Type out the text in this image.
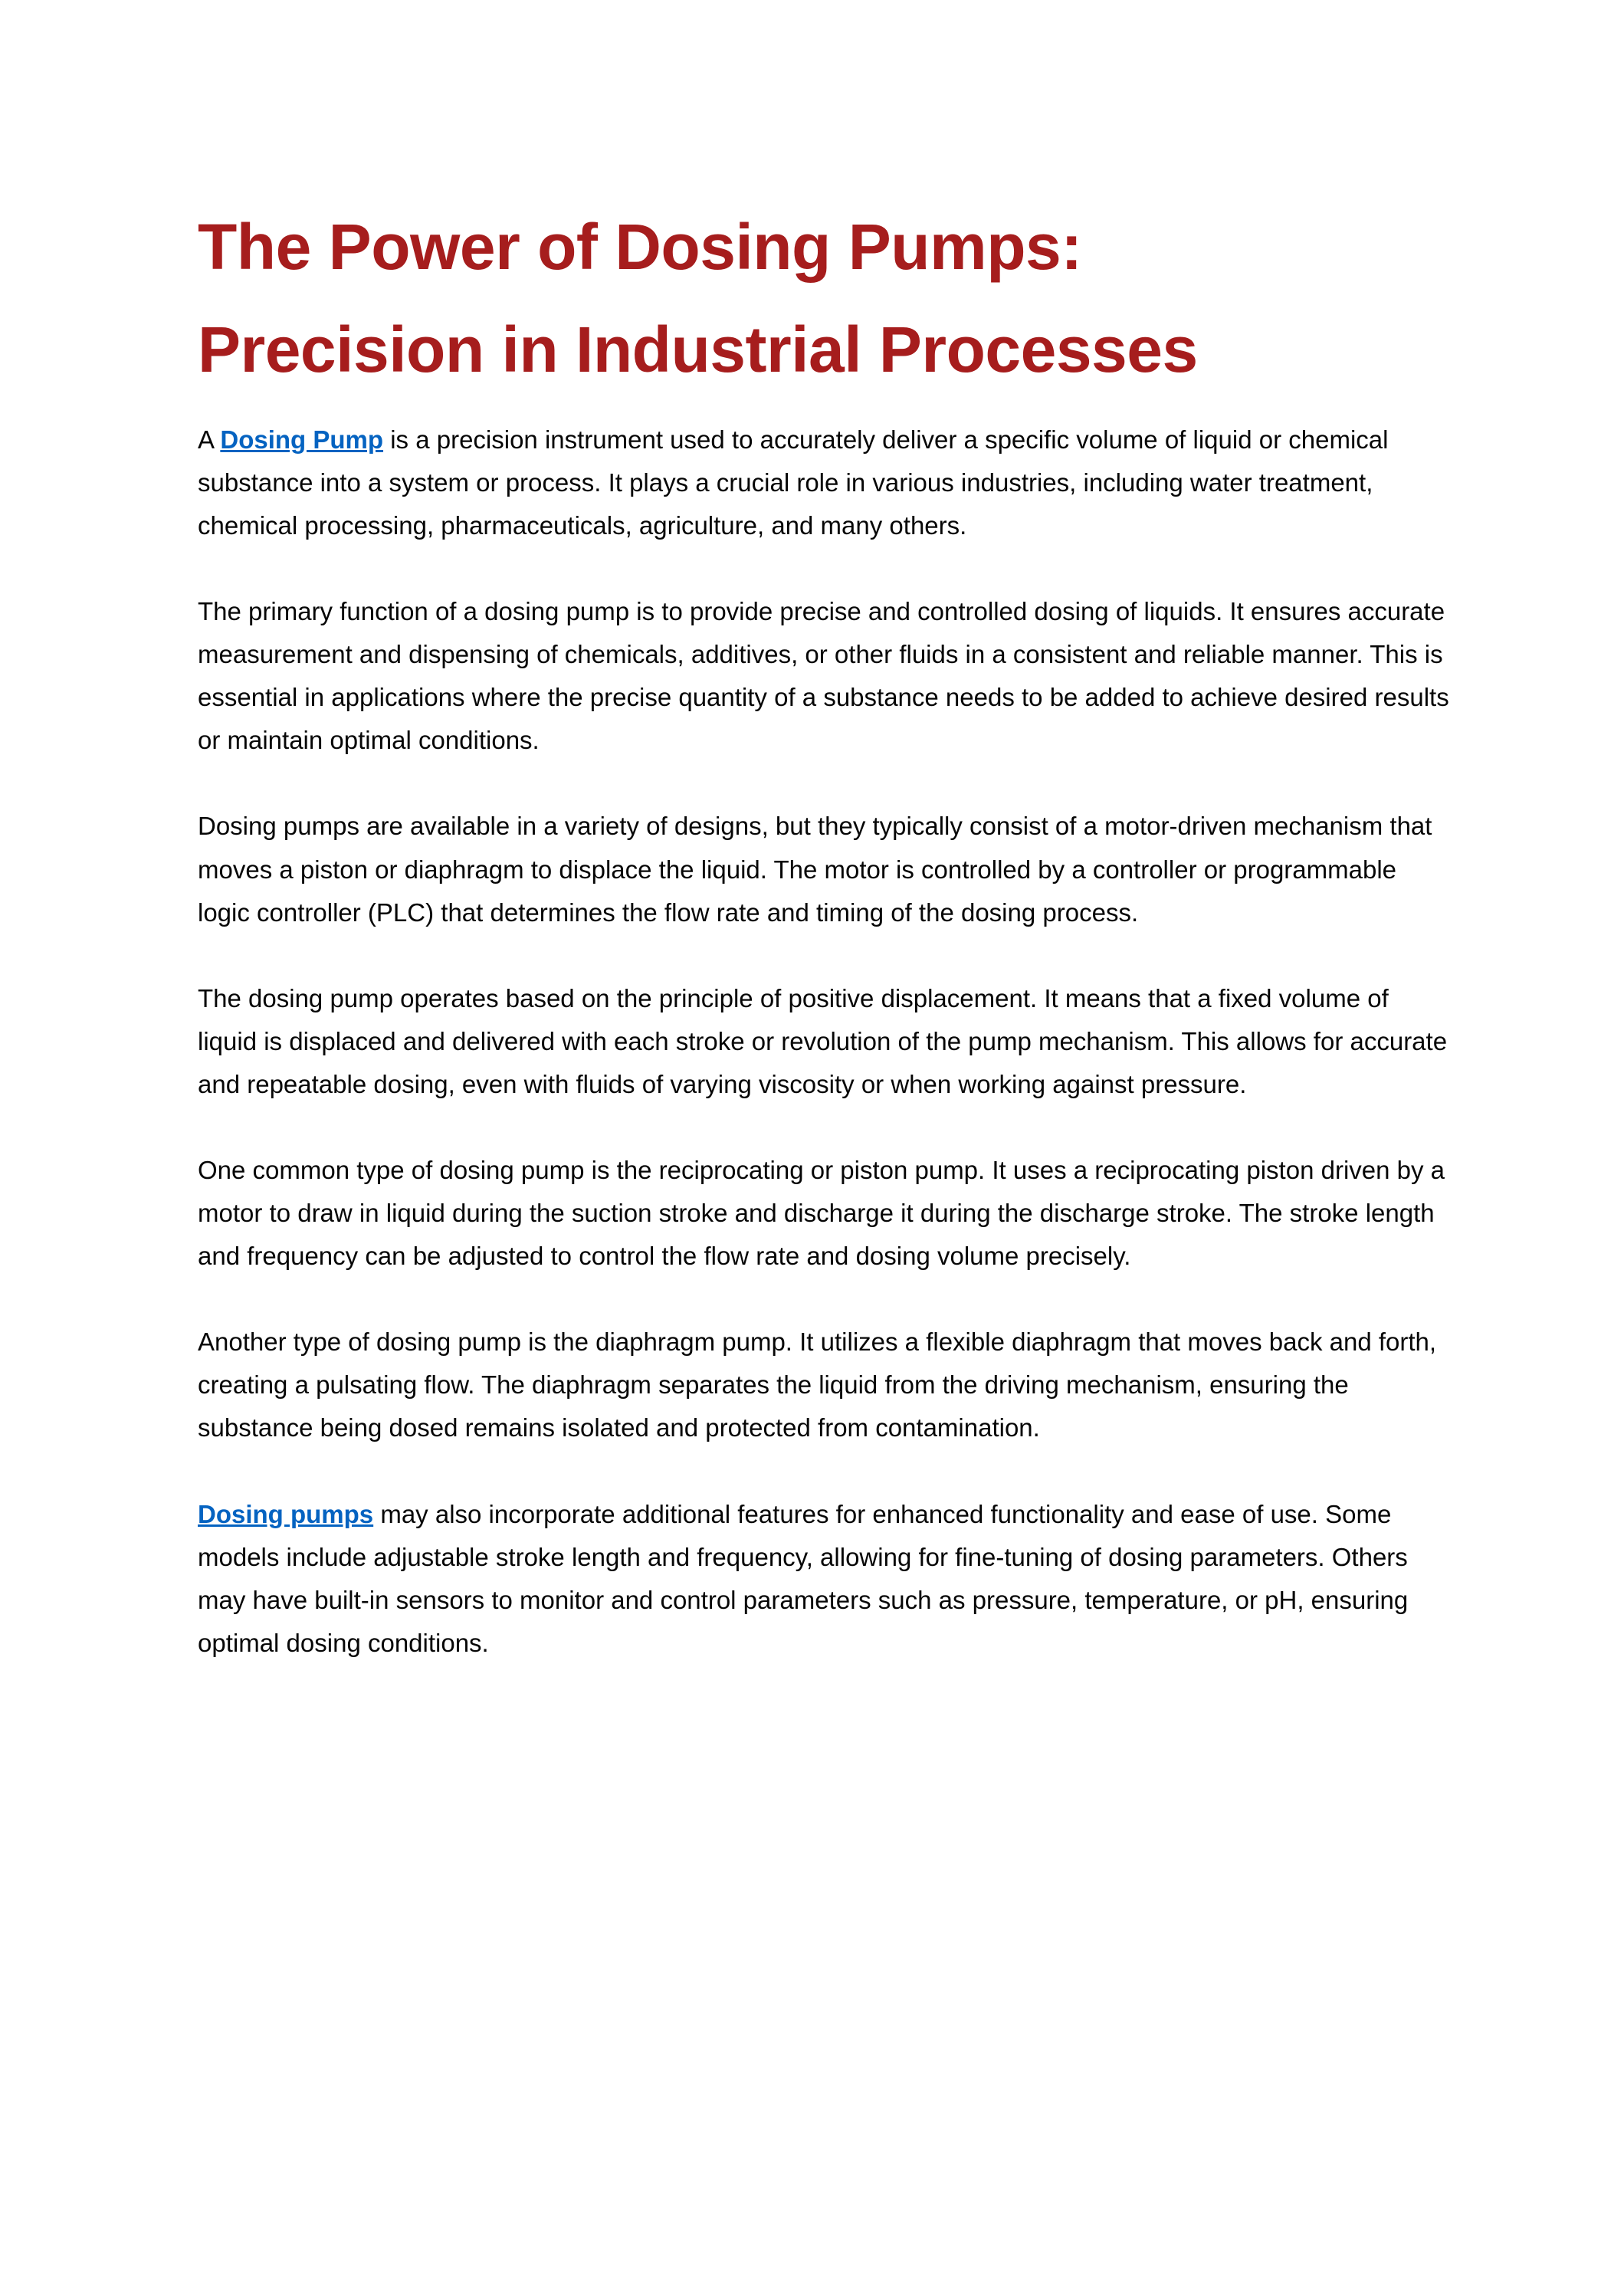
The Power of Dosing Pumps:
Precision in Industrial Processes

A Dosing Pump is a precision instrument used to accurately deliver a specific volume of liquid or chemical substance into a system or process. It plays a crucial role in various industries, including water treatment, chemical processing, pharmaceuticals, agriculture, and many others.

The primary function of a dosing pump is to provide precise and controlled dosing of liquids. It ensures accurate measurement and dispensing of chemicals, additives, or other fluids in a consistent and reliable manner. This is essential in applications where the precise quantity of a substance needs to be added to achieve desired results or maintain optimal conditions.

Dosing pumps are available in a variety of designs, but they typically consist of a motor-driven mechanism that moves a piston or diaphragm to displace the liquid. The motor is controlled by a controller or programmable logic controller (PLC) that determines the flow rate and timing of the dosing process.

The dosing pump operates based on the principle of positive displacement. It means that a fixed volume of liquid is displaced and delivered with each stroke or revolution of the pump mechanism. This allows for accurate and repeatable dosing, even with fluids of varying viscosity or when working against pressure.

One common type of dosing pump is the reciprocating or piston pump. It uses a reciprocating piston driven by a motor to draw in liquid during the suction stroke and discharge it during the discharge stroke. The stroke length and frequency can be adjusted to control the flow rate and dosing volume precisely.

Another type of dosing pump is the diaphragm pump. It utilizes a flexible diaphragm that moves back and forth, creating a pulsating flow. The diaphragm separates the liquid from the driving mechanism, ensuring the substance being dosed remains isolated and protected from contamination.

Dosing pumps may also incorporate additional features for enhanced functionality and ease of use. Some models include adjustable stroke length and frequency, allowing for fine-tuning of dosing parameters. Others may have built-in sensors to monitor and control parameters such as pressure, temperature, or pH, ensuring optimal dosing conditions.
